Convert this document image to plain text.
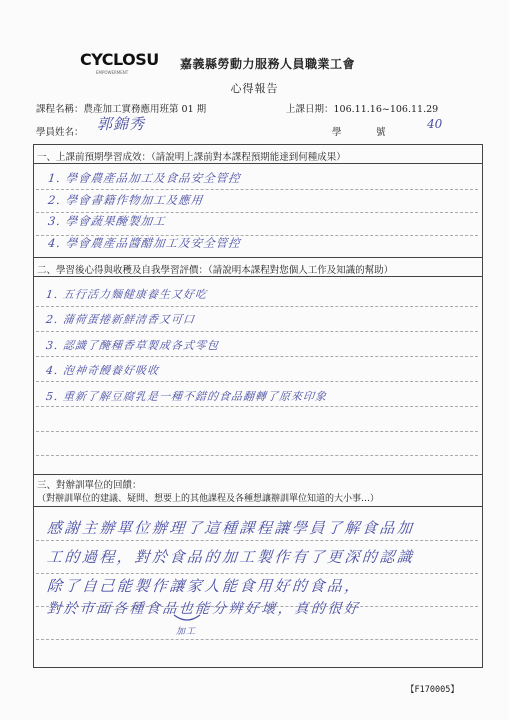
CYCLOSU
EMPOWERMENT
嘉義縣勞動力服務人員職業工會
心得報告
課程名稱：農產加工實務應用班第 01 期	上課日期：106.11.16~106.11.29
學員姓名： 郭錦秀	學	號
40
一、上課前預期學習成效：（請說明上課前對本課程預期能達到何種成果）
1. 學會農產品加工及食品安全管控
2. 學會書籍作物加工及應用
3. 學會蔬果醃製加工
4. 學會農產品醬醋加工及安全管控
二、學習後心得與收穫及自我學習評價：（請說明本課程對您個人工作及知識的幫助）
1. 五行活力麵健康養生又好吃
2. 蒲荷蛋捲新鮮清香又可口
3. 認識了醃種香草製成各式零包
4. 泡神奇饅養好吸收
5. 重新了解豆腐乳是一種不錯的食品翻轉了原來印象
三、對辦訓單位的回饋：
（對辦訓單位的建議、疑問、想要上的其他課程及各種想讓辦訓單位知道的大小事…）
感謝主辦單位辦理了這種課程讓學員了解食品加
工的過程，對於食品的加工製作有了更深的認識
除了自己能製作讓家人能食用好的食品，
對於市面各種食品也能分辨好壞，真的很好
加工
【F170005】
